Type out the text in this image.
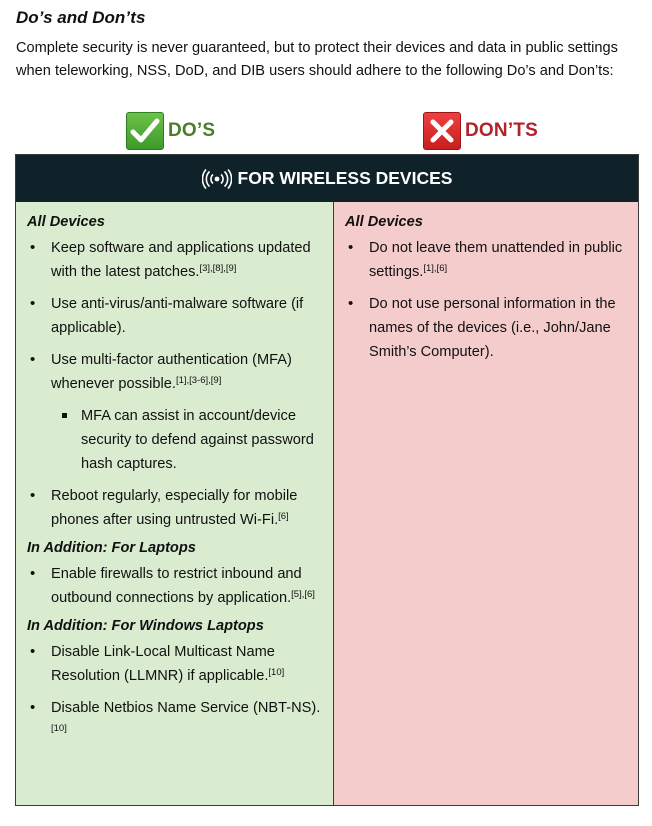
Do’s and Don’ts
Complete security is never guaranteed, but to protect their devices and data in public settings when teleworking, NSS, DoD, and DIB users should adhere to the following Do’s and Don’ts:
DO’S	DON’TS
FOR WIRELESS DEVICES
All Devices
• Keep software and applications updated with the latest patches.[3],[8],[9]
• Use anti-virus/anti-malware software (if applicable).
• Use multi-factor authentication (MFA) whenever possible.[1],[3-6],[9]
MFA can assist in account/device security to defend against password hash captures.
• Reboot regularly, especially for mobile phones after using untrusted Wi-Fi.[6]
In Addition: For Laptops
• Enable firewalls to restrict inbound and outbound connections by application.[5],[6]
In Addition: For Windows Laptops
• Disable Link-Local Multicast Name Resolution (LLMNR) if applicable.[10]
• Disable Netbios Name Service (NBT-NS).[10]
All Devices
• Do not leave them unattended in public settings.[1],[6]
• Do not use personal information in the names of the devices (i.e., John/Jane Smith’s Computer).
